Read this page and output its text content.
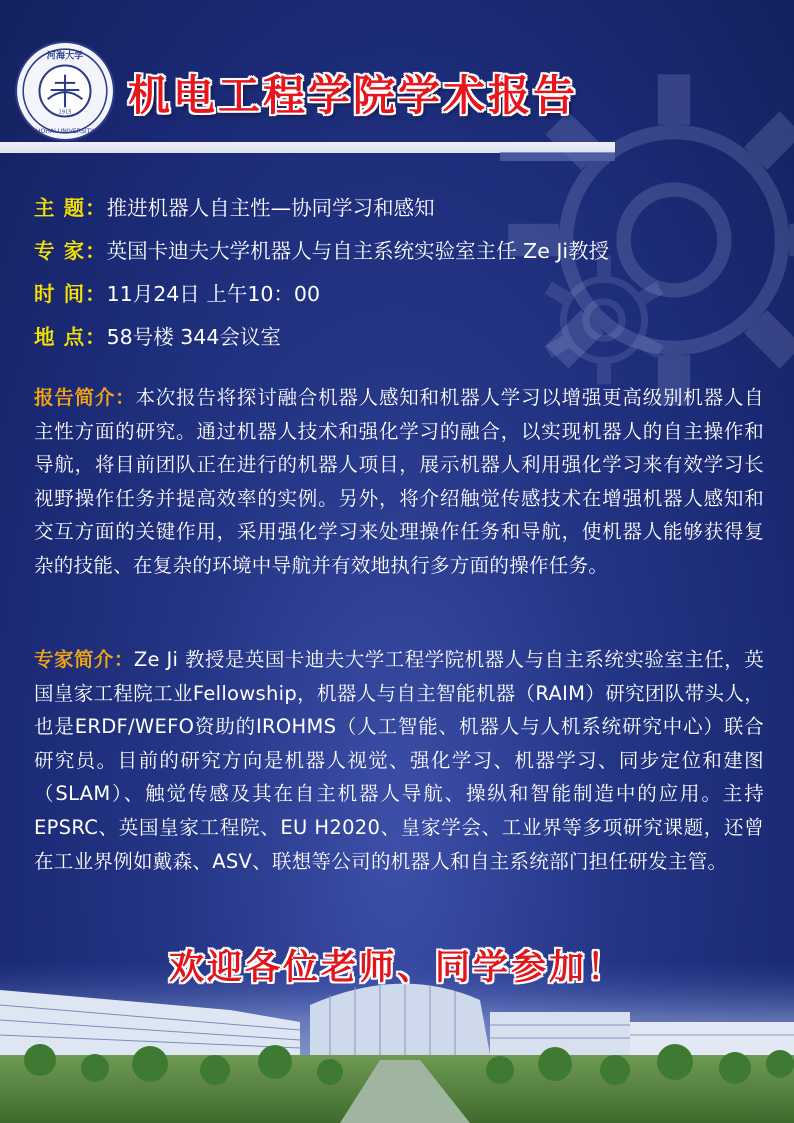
河海大学
HOHAI UNIVERSITY
1915 机电工程学院学术报告
主 题：推进机器人自主性—协同学习和感知
专 家：英国卡迪夫大学机器人与自主系统实验室主任 Ze Ji教授
时 间：11月24日 上午10：00
地 点：58号楼 344会议室
报告简介：本次报告将探讨融合机器人感知和机器人学习以增强更高级别机器人自主性方面的研究。通过机器人技术和强化学习的融合，以实现机器人的自主操作和导航，将目前团队正在进行的机器人项目，展示机器人利用强化学习来有效学习长视野操作任务并提高效率的实例。另外，将介绍触觉传感技术在增强机器人感知和交互方面的关键作用，采用强化学习来处理操作任务和导航，使机器人能够获得复杂的技能、在复杂的环境中导航并有效地执行多方面的操作任务。
专家简介：Ze Ji 教授是英国卡迪夫大学工程学院机器人与自主系统实验室主任，英国皇家工程院工业Fellowship，机器人与自主智能机器（RAIM）研究团队带头人，也是ERDF/WEFO资助的IROHMS（人工智能、机器人与人机系统研究中心）联合研究员。目前的研究方向是机器人视觉、强化学习、机器学习、同步定位和建图（SLAM）、触觉传感及其在自主机器人导航、操纵和智能制造中的应用。主持EPSRC、英国皇家工程院、EU H2020、皇家学会、工业界等多项研究课题，还曾在工业界例如戴森、ASV、联想等公司的机器人和自主系统部门担任研发主管。
欢迎各位老师、同学参加！
